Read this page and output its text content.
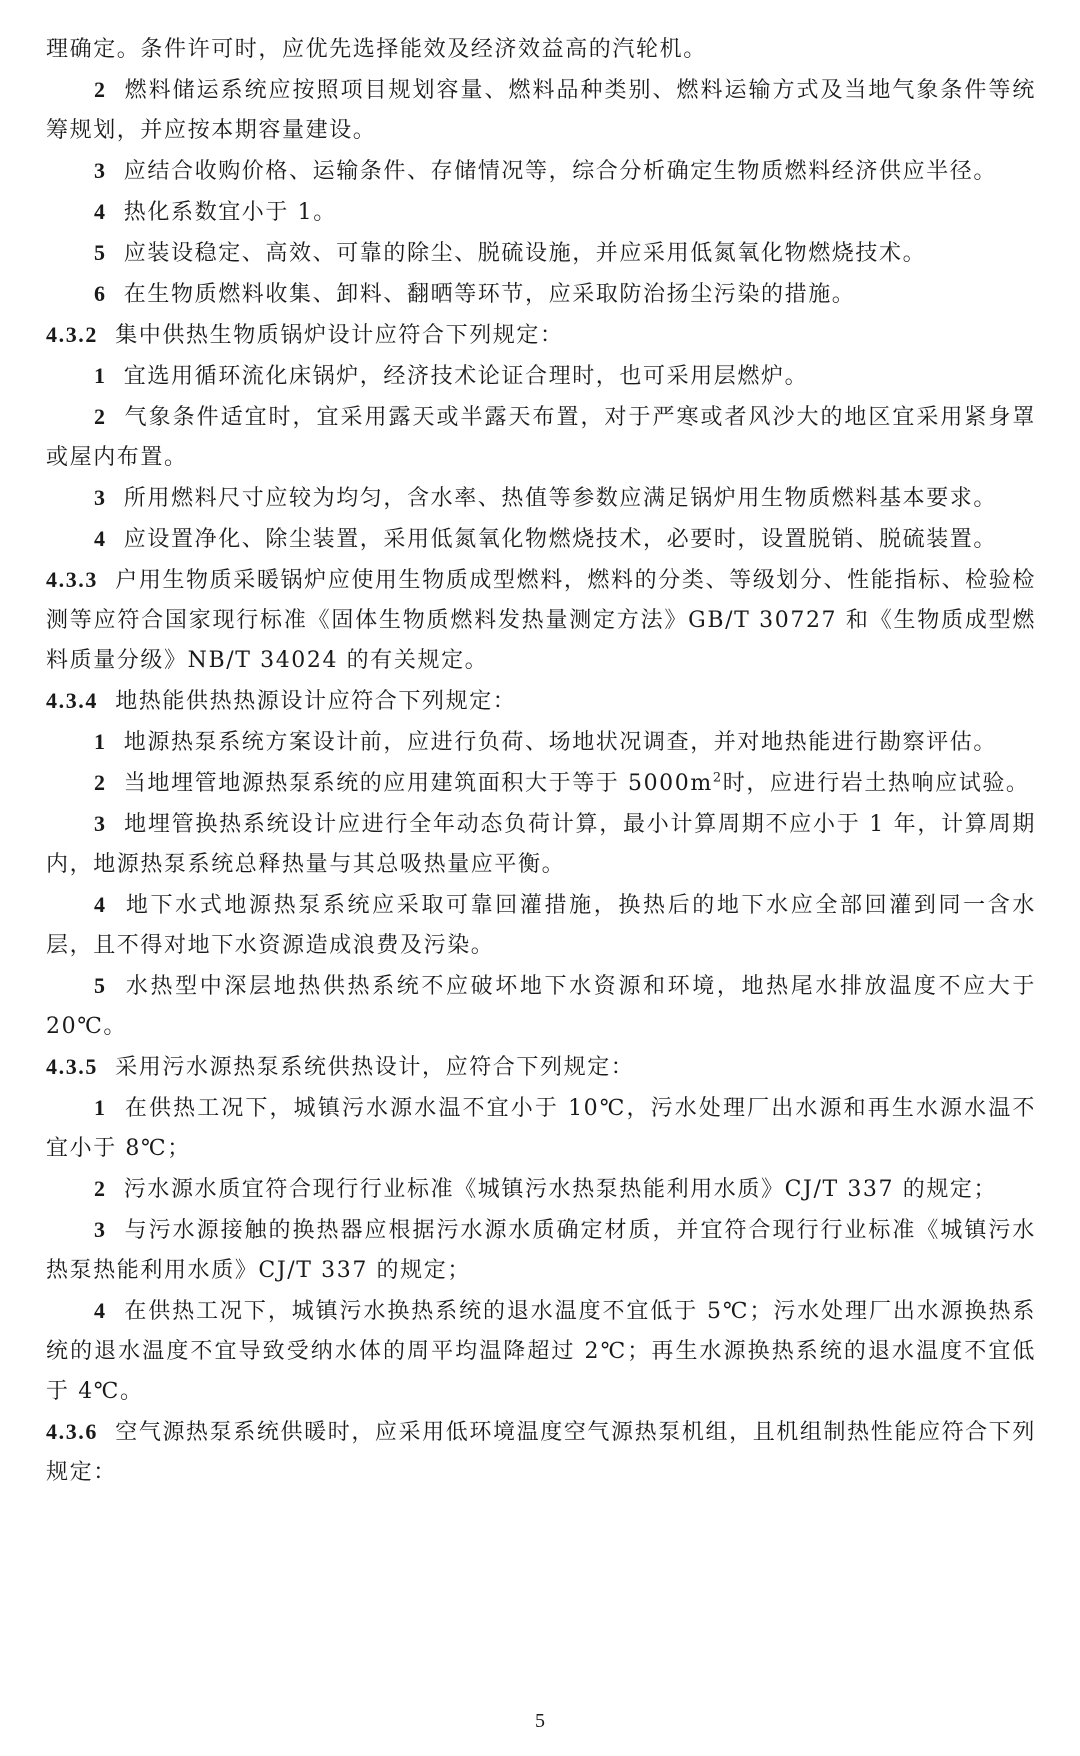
理确定。条件许可时，应优先选择能效及经济效益高的汽轮机。

2 燃料储运系统应按照项目规划容量、燃料品种类别、燃料运输方式及当地气象条件等统筹规划，并应按本期容量建设。

3 应结合收购价格、运输条件、存储情况等，综合分析确定生物质燃料经济供应半径。

4 热化系数宜小于 1。

5 应装设稳定、高效、可靠的除尘、脱硫设施，并应采用低氮氧化物燃烧技术。

6 在生物质燃料收集、卸料、翻晒等环节，应采取防治扬尘污染的措施。

4.3.2 集中供热生物质锅炉设计应符合下列规定：

1 宜选用循环流化床锅炉，经济技术论证合理时，也可采用层燃炉。

2 气象条件适宜时，宜采用露天或半露天布置，对于严寒或者风沙大的地区宜采用紧身罩或屋内布置。

3 所用燃料尺寸应较为均匀，含水率、热值等参数应满足锅炉用生物质燃料基本要求。

4 应设置净化、除尘装置，采用低氮氧化物燃烧技术，必要时，设置脱销、脱硫装置。

4.3.3 户用生物质采暖锅炉应使用生物质成型燃料，燃料的分类、等级划分、性能指标、检验检测等应符合国家现行标准《固体生物质燃料发热量测定方法》GB/T 30727 和《生物质成型燃料质量分级》NB/T 34024 的有关规定。

4.3.4 地热能供热热源设计应符合下列规定：

1 地源热泵系统方案设计前，应进行负荷、场地状况调查，并对地热能进行勘察评估。

2 当地埋管地源热泵系统的应用建筑面积大于等于 $5000m^2$时，应进行岩土热响应试验。

3 地埋管换热系统设计应进行全年动态负荷计算，最小计算周期不应小于 1 年，计算周期内，地源热泵系统总释热量与其总吸热量应平衡。

4 地下水式地源热泵系统应采取可靠回灌措施，换热后的地下水应全部回灌到同一含水层，且不得对地下水资源造成浪费及污染。

5 水热型中深层地热供热系统不应破坏地下水资源和环境，地热尾水排放温度不应大于 20℃。

4.3.5 采用污水源热泵系统供热设计，应符合下列规定：

1 在供热工况下，城镇污水源水温不宜小于 10℃，污水处理厂出水源和再生水源水温不宜小于 8℃；

2 污水源水质宜符合现行行业标准《城镇污水热泵热能利用水质》CJ/T 337 的规定；

3 与污水源接触的换热器应根据污水源水质确定材质，并宜符合现行行业标准《城镇污水热泵热能利用水质》CJ/T 337 的规定；

4 在供热工况下，城镇污水换热系统的退水温度不宜低于 5℃；污水处理厂出水源换热系统的退水温度不宜导致受纳水体的周平均温降超过 2℃；再生水源换热系统的退水温度不宜低于 4℃。

4.3.6 空气源热泵系统供暖时，应采用低环境温度空气源热泵机组，且机组制热性能应符合下列规定：

5
